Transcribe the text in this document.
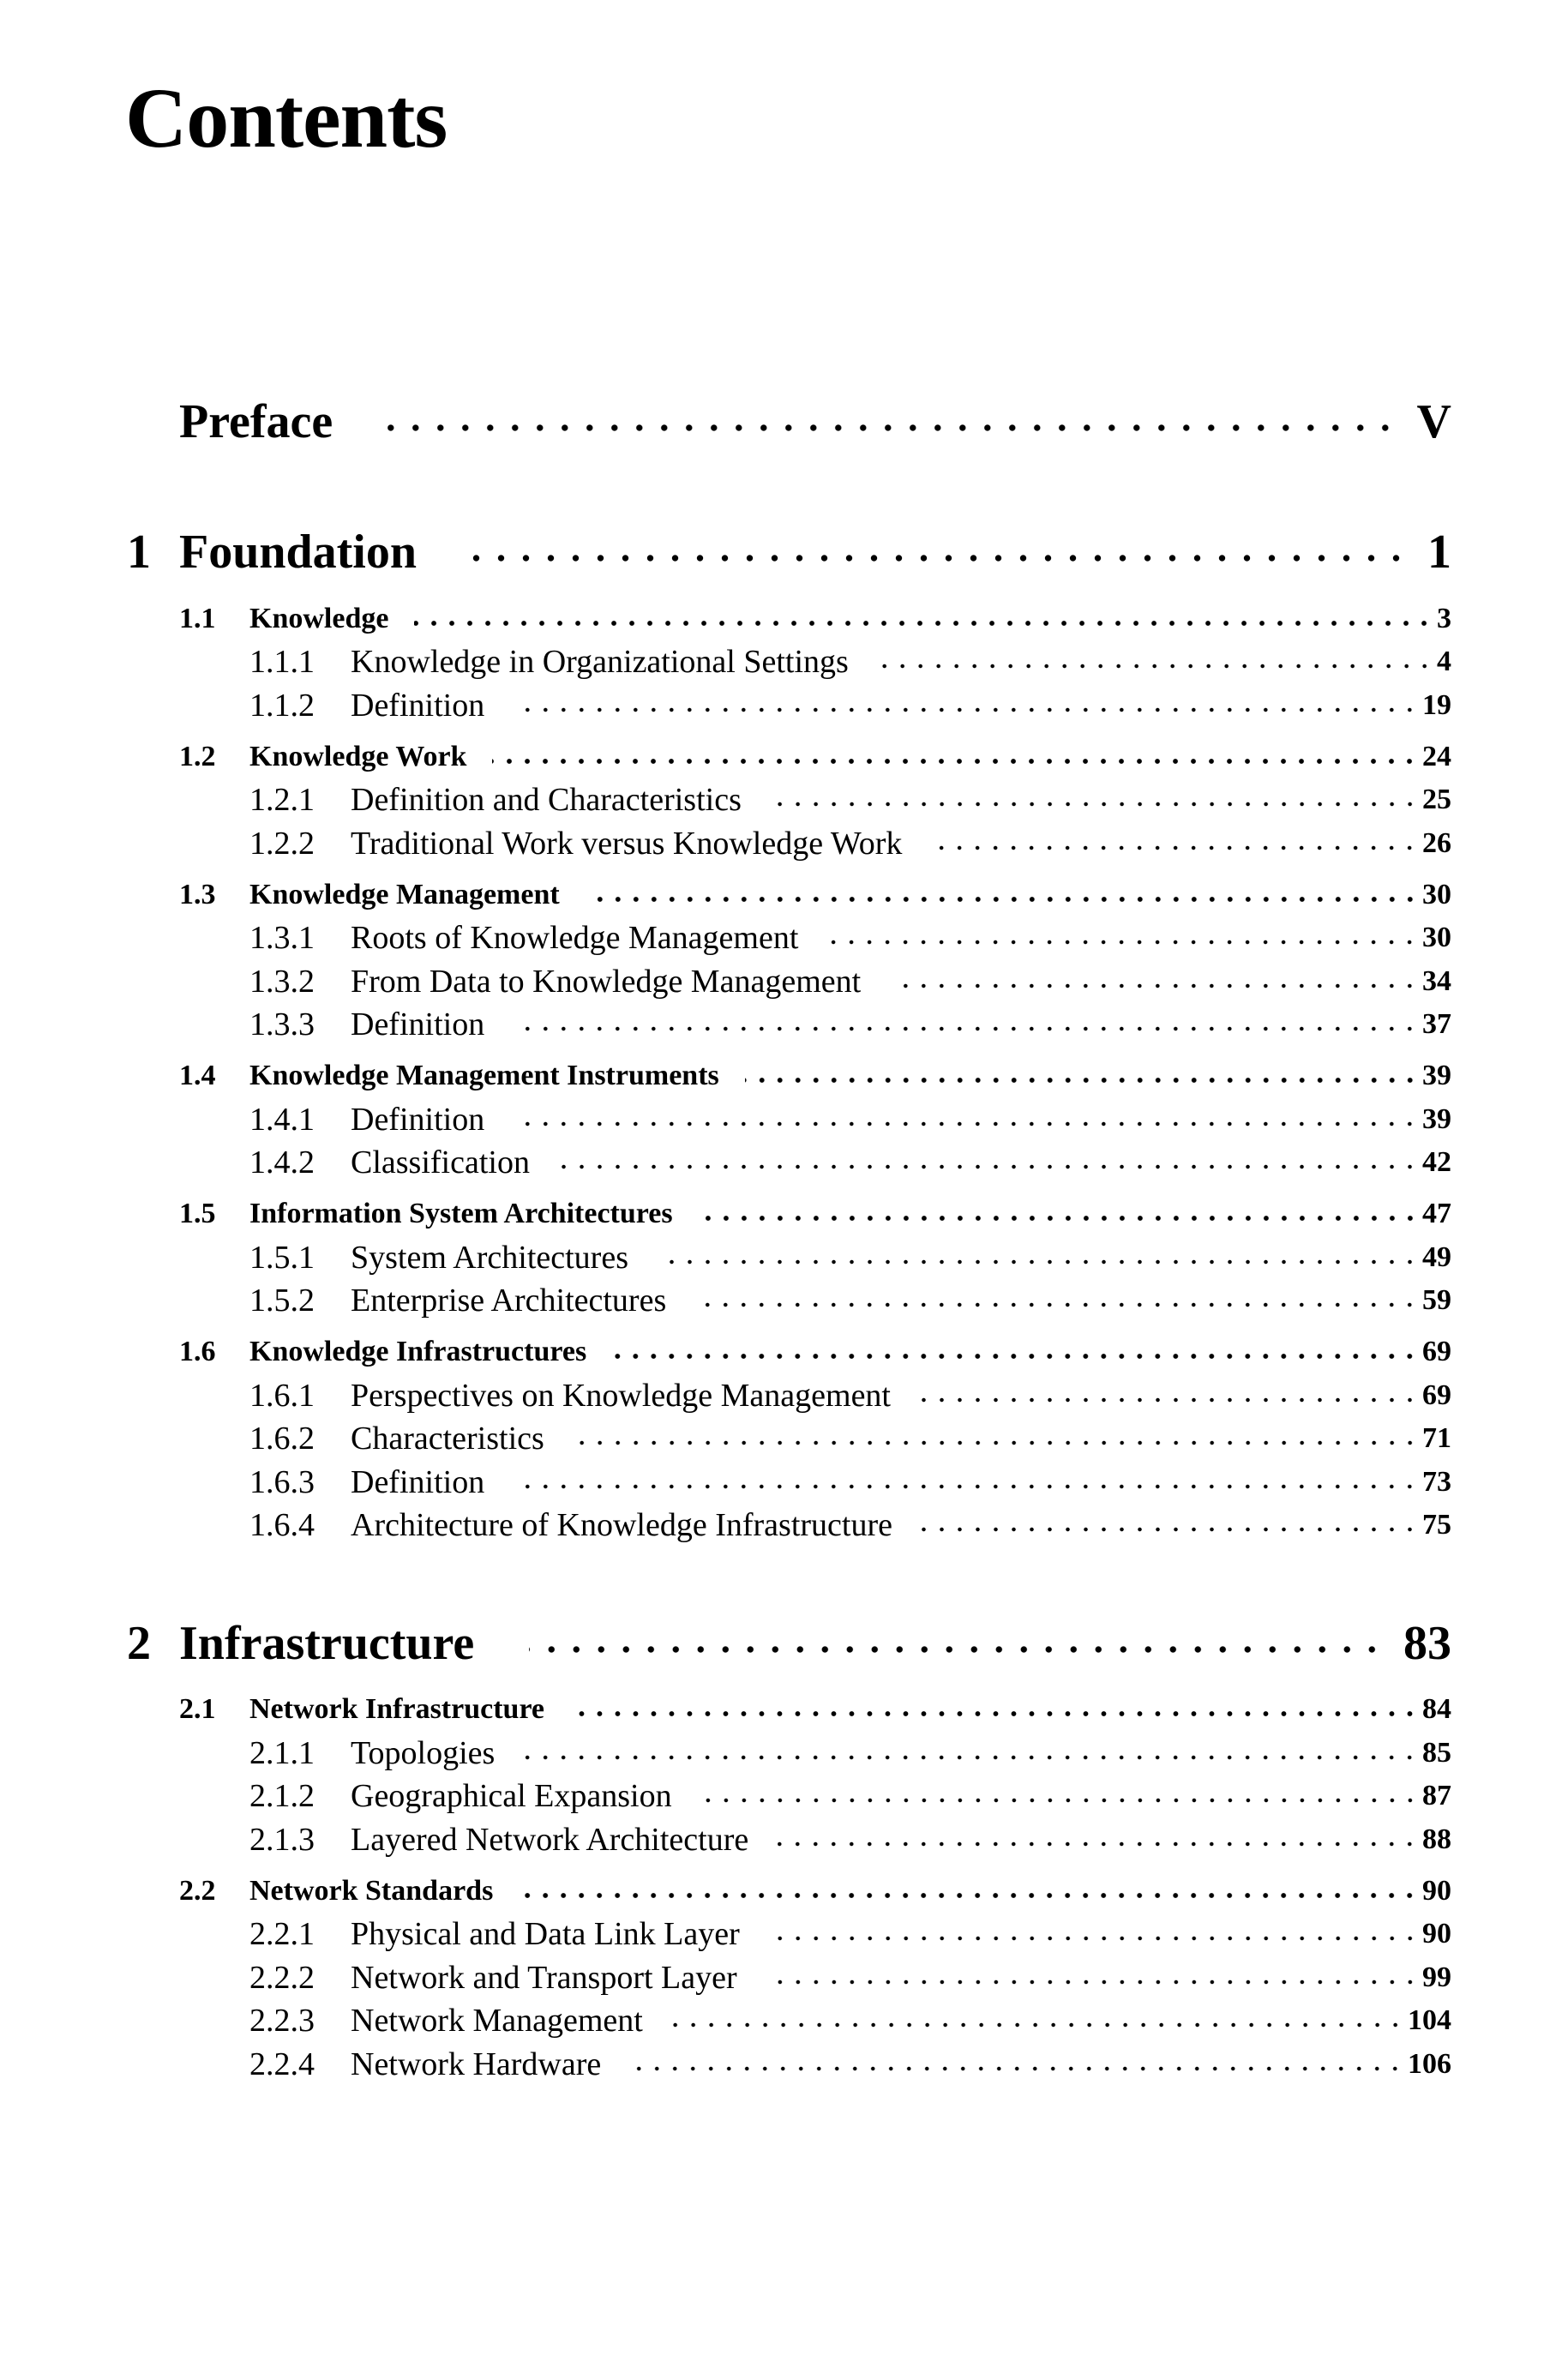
Contents
Preface	V
1 Foundation	1
1.1	Knowledge	3
1.1.1	Knowledge in Organizational Settings	4
1.1.2	Definition	19
1.2	Knowledge Work	24
1.2.1	Definition and Characteristics	25
1.2.2	Traditional Work versus Knowledge Work	26
1.3	Knowledge Management	30
1.3.1	Roots of Knowledge Management	30
1.3.2	From Data to Knowledge Management	34
1.3.3	Definition	37
1.4	Knowledge Management Instruments	39
1.4.1	Definition	39
1.4.2	Classification	42
1.5	Information System Architectures	47
1.5.1	System Architectures	49
1.5.2	Enterprise Architectures	59
1.6	Knowledge Infrastructures	69
1.6.1	Perspectives on Knowledge Management	69
1.6.2	Characteristics	71
1.6.3	Definition	73
1.6.4	Architecture of Knowledge Infrastructure	75
2 Infrastructure	83
2.1	Network Infrastructure	84
2.1.1	Topologies	85
2.1.2	Geographical Expansion	87
2.1.3	Layered Network Architecture	88
2.2	Network Standards	90
2.2.1	Physical and Data Link Layer	90
2.2.2	Network and Transport Layer	99
2.2.3	Network Management	104
2.2.4	Network Hardware	106
